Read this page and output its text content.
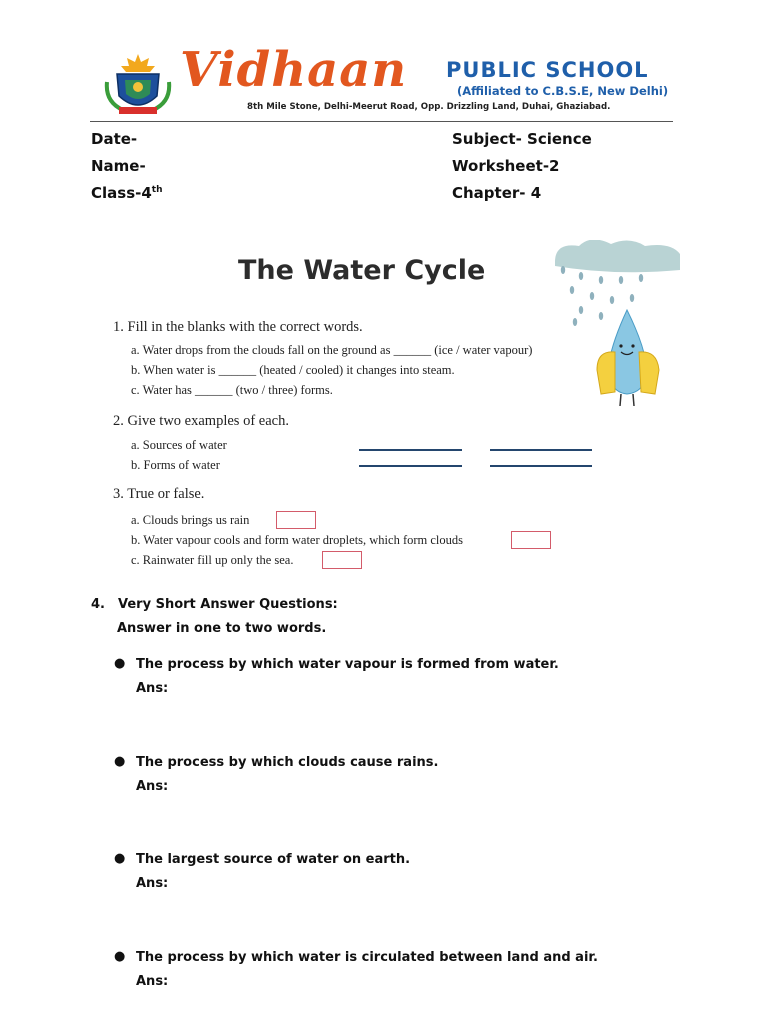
Vidhaan PUBLIC SCHOOL
(Affiliated to C.B.S.E, New Delhi)
8th Mile Stone, Delhi-Meerut Road, Opp. Drizzling Land, Duhai, Ghaziabad.
Date-
Name-
Class-4th
Subject- Science
Worksheet-2
Chapter- 4
The Water Cycle
1. Fill in the blanks with the correct words.
a. Water drops from the clouds fall on the ground as ______ (ice / water vapour)
b. When water is ______ (heated / cooled) it changes into steam.
c. Water has ______ (two / three) forms.
2. Give two examples of each.
a. Sources of water
b. Forms of water
3. True or false.
a. Clouds brings us rain
b. Water vapour cools and form water droplets, which form clouds
c. Rainwater fill up only the sea.
4. Very Short Answer Questions:
Answer in one to two words.
● The process by which water vapour is formed from water.
Ans:
● The process by which clouds cause rains.
Ans:
● The largest source of water on earth.
Ans:
● The process by which water is circulated between land and air.
Ans:
